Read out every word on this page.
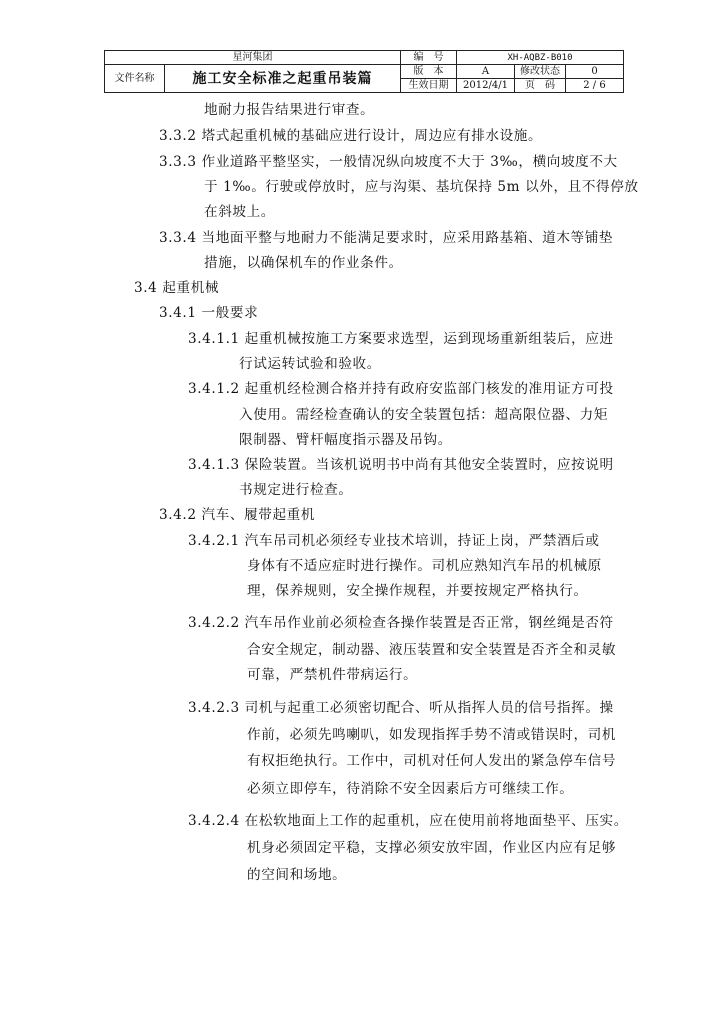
星河集团		编　号	XH-AQBZ-B010		
文件名称	施工安全标准之起重吊装篇	版　本	A	修改状态	0
		生效日期	2012/4/1	页　码	2 / 6
地耐力报告结果进行审查。
3.3.2 塔式起重机械的基础应进行设计，周边应有排水设施。
3.3.3 作业道路平整坚实，一般情况纵向坡度不大于 3‰，横向坡度不大
于 1‰。行驶或停放时，应与沟渠、基坑保持 5m 以外，且不得停放
在斜坡上。
3.3.4 当地面平整与地耐力不能满足要求时，应采用路基箱、道木等铺垫
措施，以确保机车的作业条件。
3.4 起重机械
3.4.1 一般要求
3.4.1.1 起重机械按施工方案要求选型，运到现场重新组装后，应进
行试运转试验和验收。
3.4.1.2 起重机经检测合格并持有政府安监部门核发的准用证方可投
入使用。需经检查确认的安全装置包括：超高限位器、力矩
限制器、臂杆幅度指示器及吊钩。
3.4.1.3 保险装置。当该机说明书中尚有其他安全装置时，应按说明
书规定进行检查。
3.4.2 汽车、履带起重机
3.4.2.1 汽车吊司机必须经专业技术培训，持证上岗，严禁酒后或
身体有不适应症时进行操作。司机应熟知汽车吊的机械原
理，保养规则，安全操作规程，并要按规定严格执行。
3.4.2.2 汽车吊作业前必须检查各操作装置是否正常，钢丝绳是否符
合安全规定，制动器、液压装置和安全装置是否齐全和灵敏
可靠，严禁机件带病运行。
3.4.2.3 司机与起重工必须密切配合、听从指挥人员的信号指挥。操
作前，必须先鸣喇叭，如发现指挥手势不清或错误时，司机
有权拒绝执行。工作中，司机对任何人发出的紧急停车信号
必须立即停车，待消除不安全因素后方可继续工作。
3.4.2.4 在松软地面上工作的起重机，应在使用前将地面垫平、压实。
机身必须固定平稳，支撑必须安放牢固，作业区内应有足够
的空间和场地。
